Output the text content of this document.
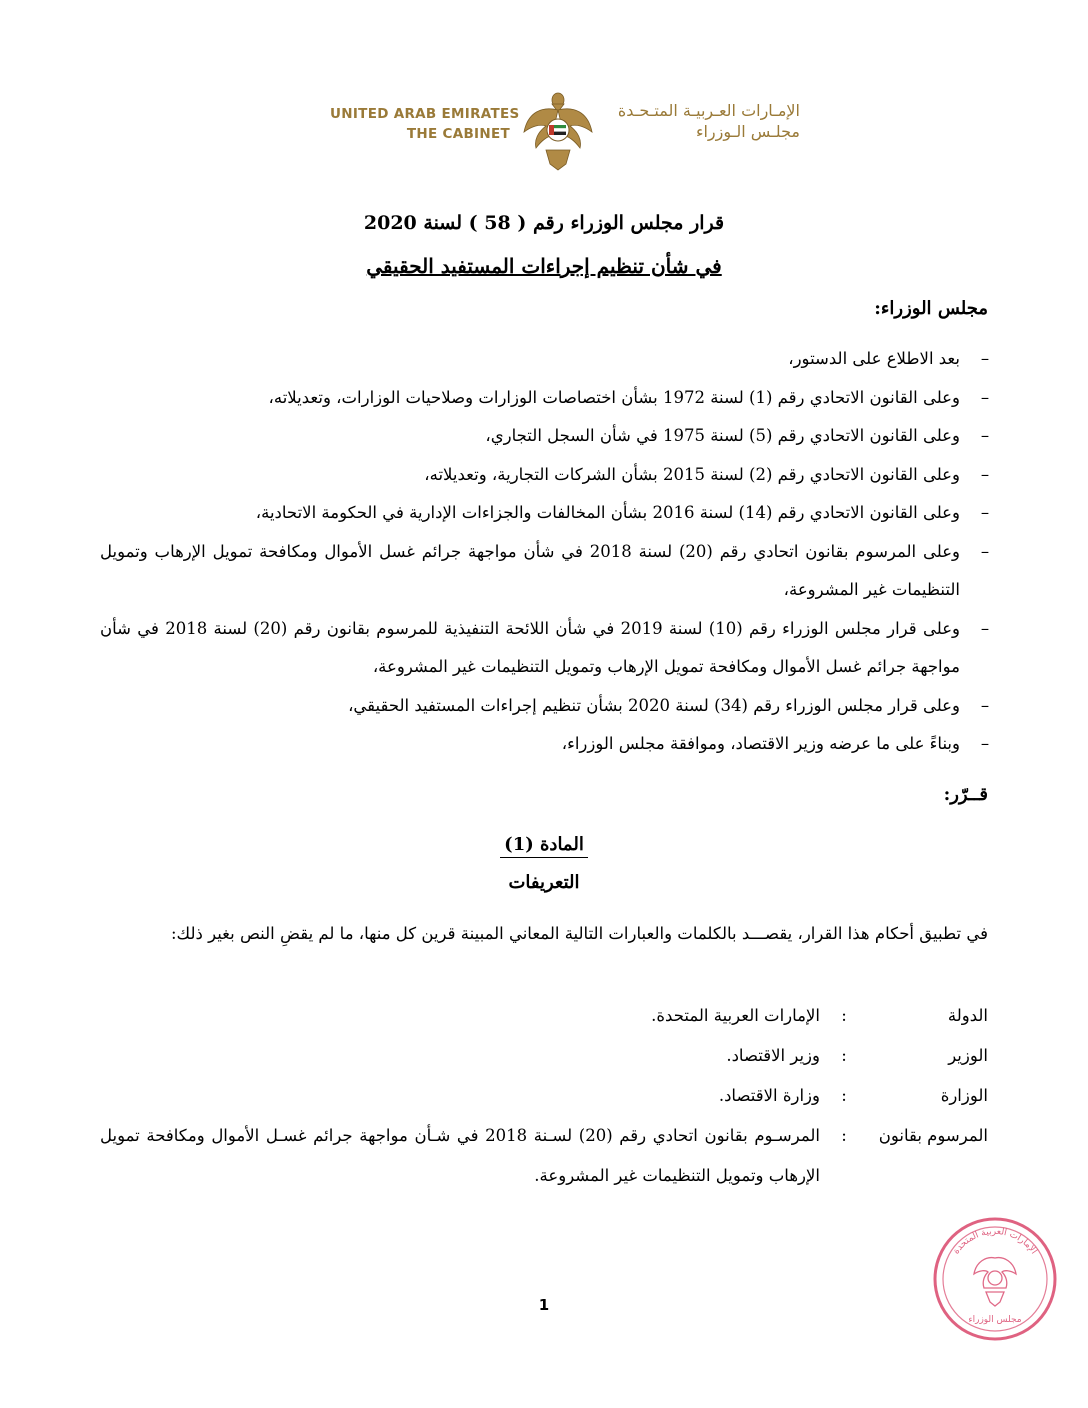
UNITED ARAB EMIRATES
THE CABINET
الإمـارات العـربيـة المتـحـدة
مجلـس الـوزراء
قرار مجلس الوزراء رقم ( 58 ) لسنة 2020
في شأن تنظيم إجراءات المستفيد الحقيقي
مجلس الوزراء:
–
بعد الاطلاع على الدستور،
–
وعلى القانون الاتحادي رقم (1) لسنة 1972 بشأن اختصاصات الوزارات وصلاحيات الوزارات، وتعديلاته،
–
وعلى القانون الاتحادي رقم (5) لسنة 1975 في شأن السجل التجاري،
–
وعلى القانون الاتحادي رقم (2) لسنة 2015 بشأن الشركات التجارية، وتعديلاته،
–
وعلى القانون الاتحادي رقم (14) لسنة 2016 بشأن المخالفات والجزاءات الإدارية في الحكومة الاتحادية،
–
وعلى المرسوم بقانون اتحادي رقم (20) لسنة 2018 في شأن مواجهة جرائم غسل الأموال ومكافحة تمويل الإرهاب وتمويل التنظيمات غير المشروعة،
–
وعلى قرار مجلس الوزراء رقم (10) لسنة 2019 في شأن اللائحة التنفيذية للمرسوم بقانون رقم (20) لسنة 2018 في شأن مواجهة جرائم غسل الأموال ومكافحة تمويل الإرهاب وتمويل التنظيمات غير المشروعة،
–
وعلى قرار مجلس الوزراء رقم (34) لسنة 2020 بشأن تنظيم إجراءات المستفيد الحقيقي،
–
وبناءً على ما عرضه وزير الاقتصاد، وموافقة مجلس الوزراء،
قــرّر:
المادة (1)
التعريفات

في تطبيق أحكام هذا القرار، يقصـــد بالكلمات والعبارات التالية المعاني المبينة قرين كل منها، ما لم يقضِ النص بغير ذلك:

الدولة
:
الإمارات العربية المتحدة.
الوزير
:
وزير الاقتصاد.
الوزارة
:
وزارة الاقتصاد.
المرسوم بقانون
:
المرسـوم بقانون اتحادي رقم (20) لسـنة 2018 في شـأن مواجهة جرائم غسـل الأموال ومكافحة تمويل الإرهاب وتمويل التنظيمات غير المشروعة.
1
الإمارات العربية المتحدة
مجلس الوزراء
